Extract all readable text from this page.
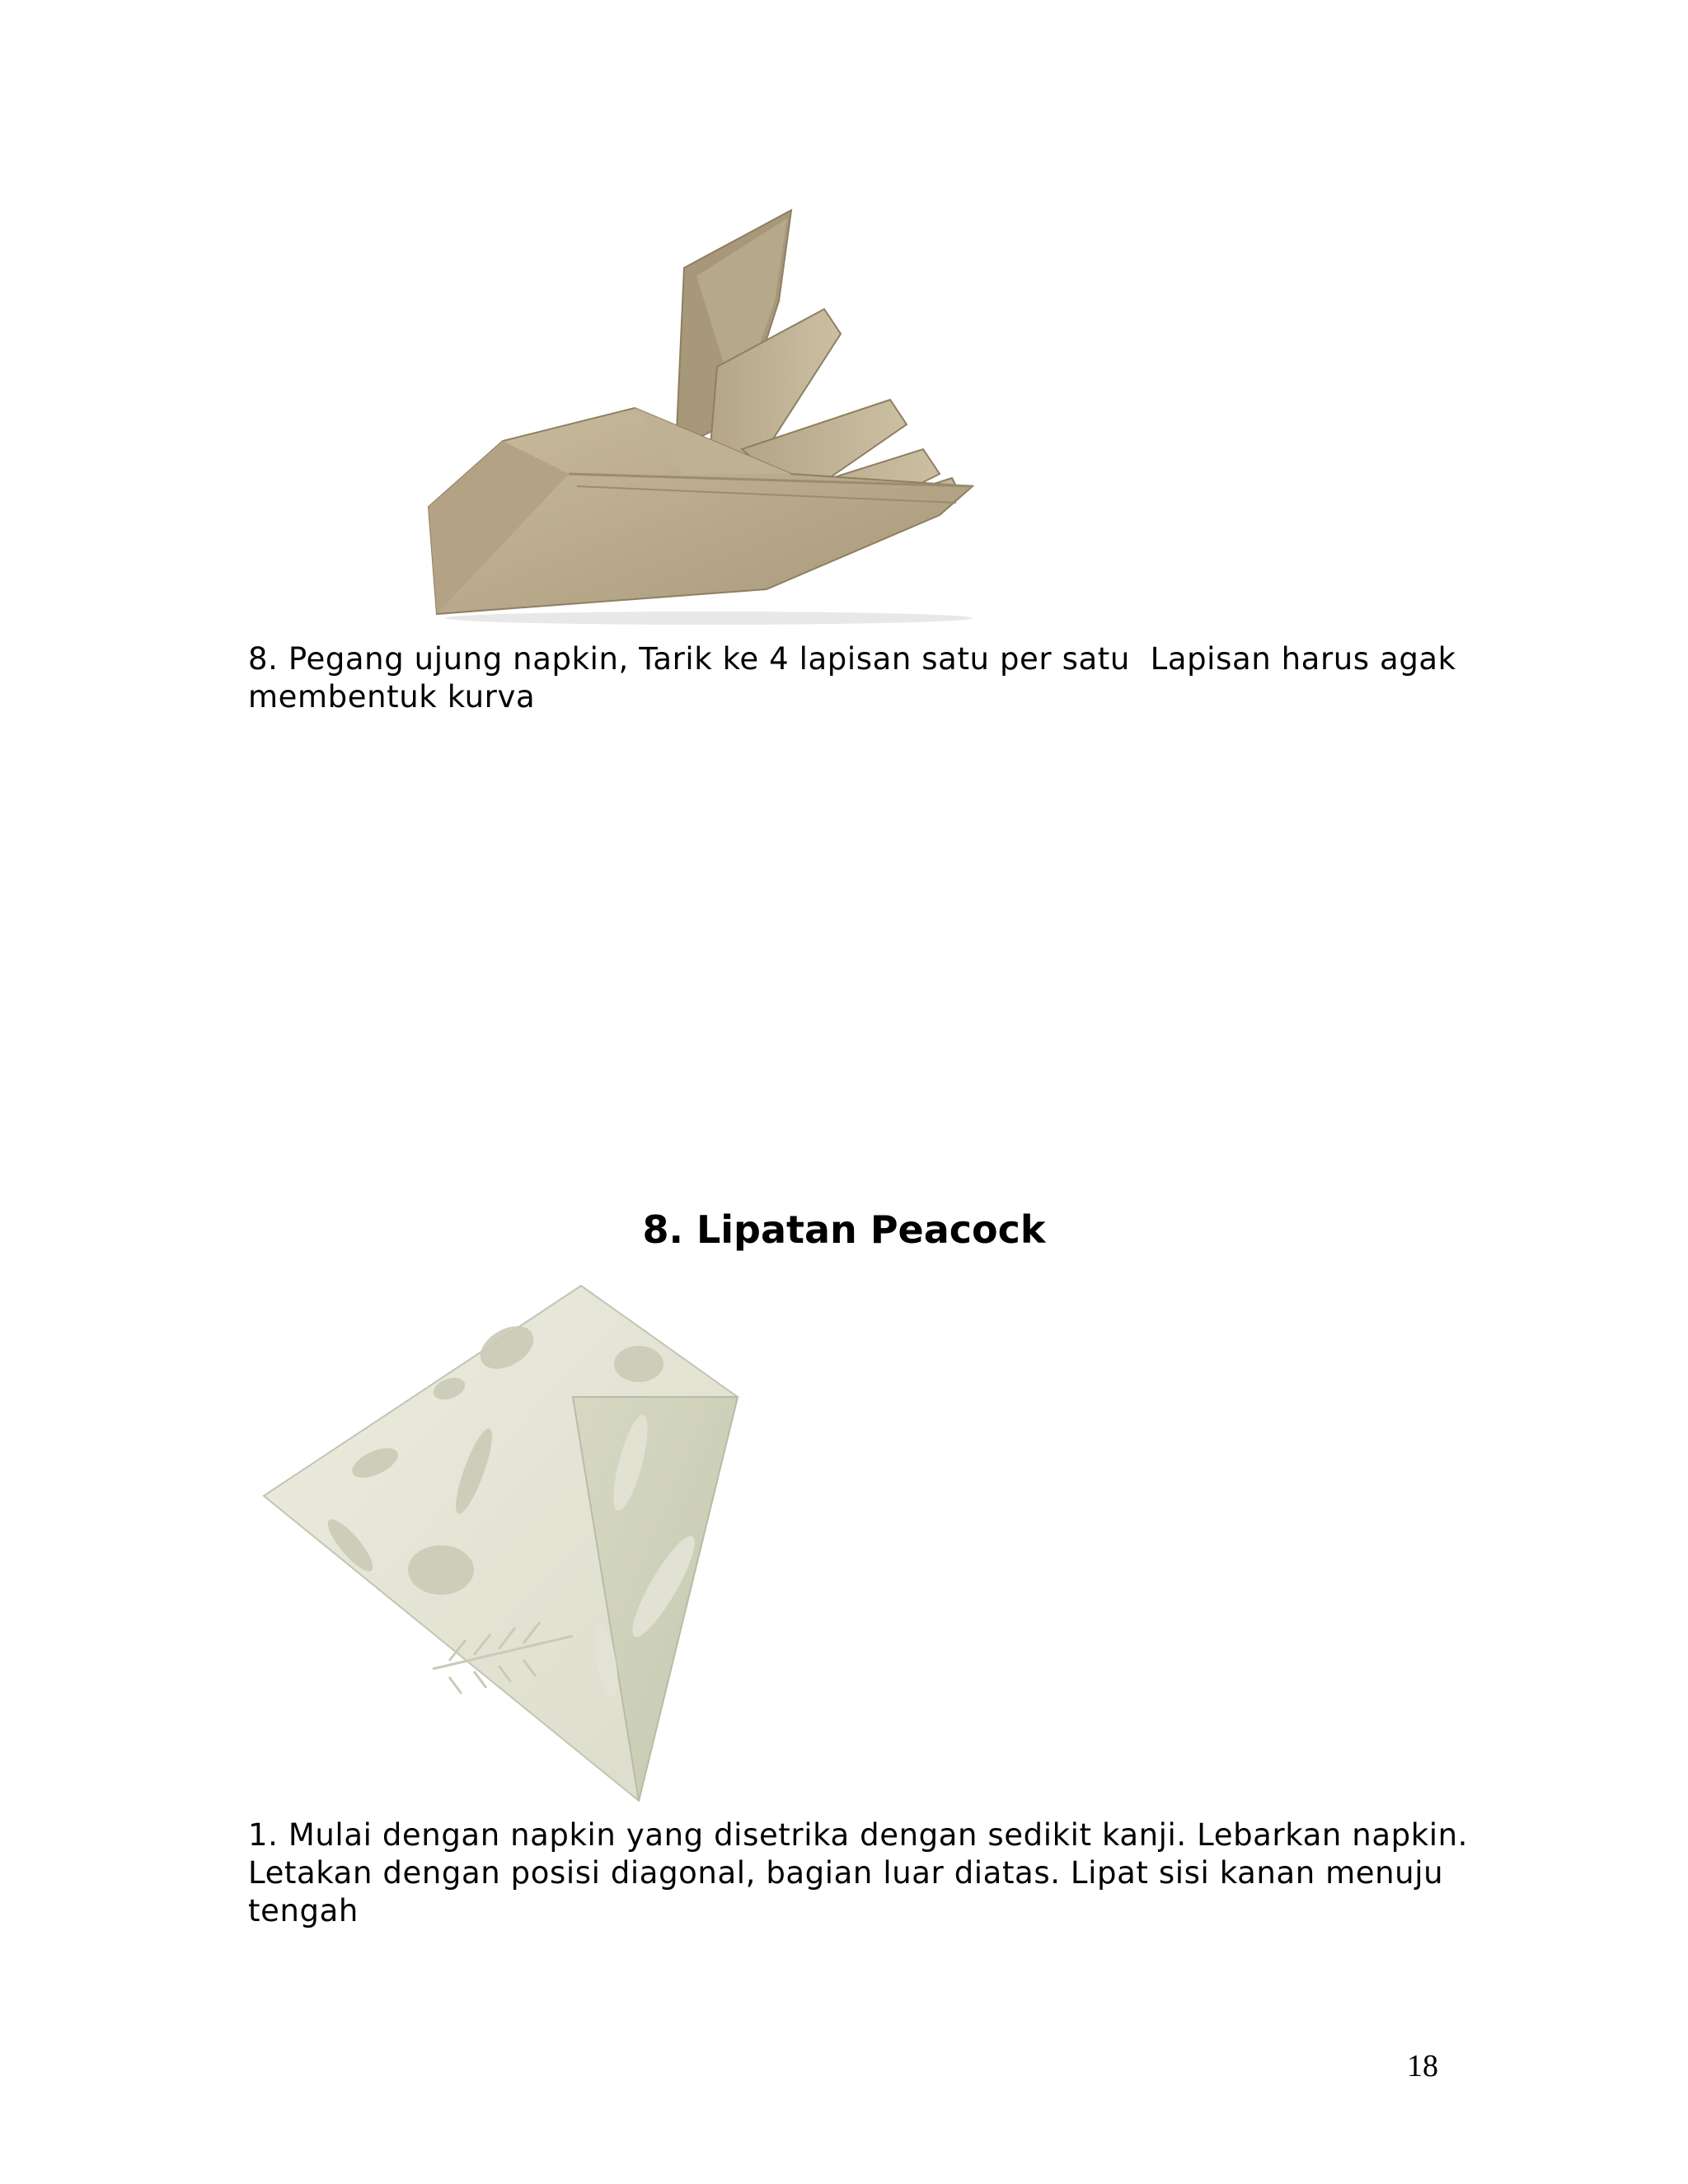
8. Pegang ujung napkin, Tarik ke 4 lapisan satu per satu  Lapisan harus agak membentuk kurva

8. Lipatan Peacock

1. Mulai dengan napkin yang disetrika dengan sedikit kanji. Lebarkan napkin. Letakan dengan posisi diagonal, bagian luar diatas. Lipat sisi kanan menuju tengah

18
